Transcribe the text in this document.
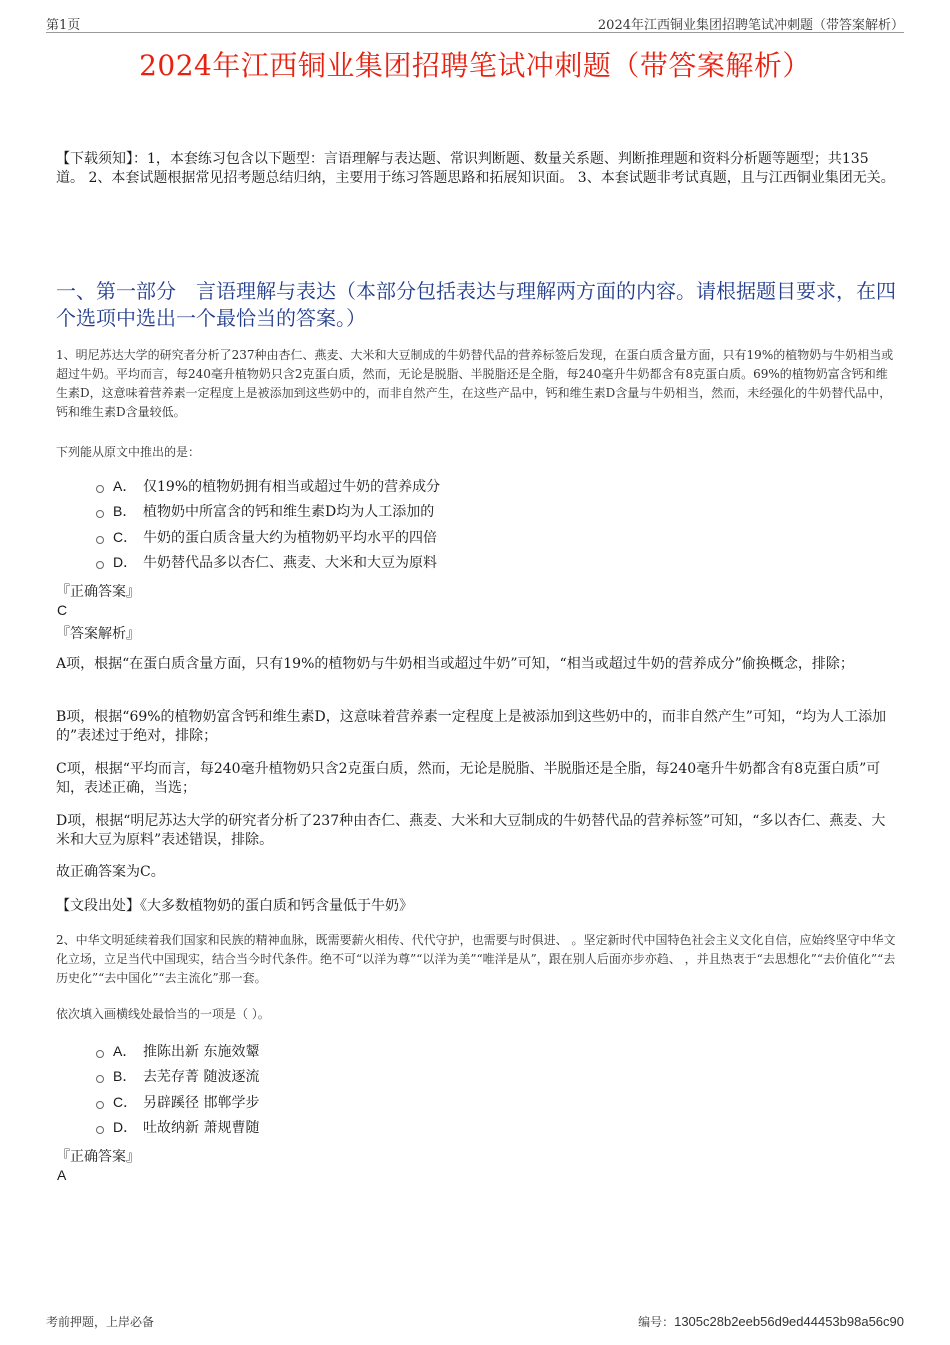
第1页	2024年江西铜业集团招聘笔试冲刺题（带答案解析）
2024年江西铜业集团招聘笔试冲刺题（带答案解析）
【下载须知】：1，本套练习包含以下题型：言语理解与表达题、常识判断题、数量关系题、判断推理题和资料分析题等题型；共135道。 2、本套试题根据常见招考题总结归纳，主要用于练习答题思路和拓展知识面。 3、本套试题非考试真题，且与江西铜业集团无关。
一、第一部分　言语理解与表达（本部分包括表达与理解两方面的内容。请根据题目要求，在四个选项中选出一个最恰当的答案。）
1、明尼苏达大学的研究者分析了237种由杏仁、燕麦、大米和大豆制成的牛奶替代品的营养标签后发现，在蛋白质含量方面，只有19%的植物奶与牛奶相当或超过牛奶。平均而言，每240毫升植物奶只含2克蛋白质，然而，无论是脱脂、半脱脂还是全脂，每240毫升牛奶都含有8克蛋白质。69%的植物奶富含钙和维生素D，这意味着营养素一定程度上是被添加到这些奶中的，而非自然产生，在这些产品中，钙和维生素D含量与牛奶相当，然而，未经强化的牛奶替代品中，钙和维生素D含量较低。
下列能从原文中推出的是：
A． 仅19%的植物奶拥有相当或超过牛奶的营养成分
B． 植物奶中所富含的钙和维生素D均为人工添加的
C． 牛奶的蛋白质含量大约为植物奶平均水平的四倍
D． 牛奶替代品多以杏仁、燕麦、大米和大豆为原料
『正确答案』
C
『答案解析』
A项，根据“在蛋白质含量方面，只有19%的植物奶与牛奶相当或超过牛奶”可知，“相当或超过牛奶的营养成分”偷换概念，排除；
B项，根据“69%的植物奶富含钙和维生素D，这意味着营养素一定程度上是被添加到这些奶中的，而非自然产生”可知，“均为人工添加的”表述过于绝对，排除；
C项，根据“平均而言，每240毫升植物奶只含2克蛋白质，然而，无论是脱脂、半脱脂还是全脂，每240毫升牛奶都含有8克蛋白质”可知，表述正确，当选；
D项，根据“明尼苏达大学的研究者分析了237种由杏仁、燕麦、大米和大豆制成的牛奶替代品的营养标签”可知，“多以杏仁、燕麦、大米和大豆为原料”表述错误，排除。
故正确答案为C。
【文段出处】《大多数植物奶的蛋白质和钙含量低于牛奶》
2、中华文明延续着我们国家和民族的精神血脉，既需要薪火相传、代代守护，也需要与时俱进、 。坚定新时代中国特色社会主义文化自信，应始终坚守中华文化立场，立足当代中国现实，结合当今时代条件。绝不可“以洋为尊”“以洋为美”“唯洋是从”，跟在别人后面亦步亦趋、 ，并且热衷于“去思想化”“去价值化”“去历史化”“去中国化”“去主流化”那一套。
依次填入画横线处最恰当的一项是（ ）。
A． 推陈出新 东施效颦
B． 去芜存菁 随波逐流
C． 另辟蹊径 邯郸学步
D． 吐故纳新 萧规曹随
『正确答案』
A
考前押题，上岸必备	编号：1305c28b2eeb56d9ed44453b98a56c90
